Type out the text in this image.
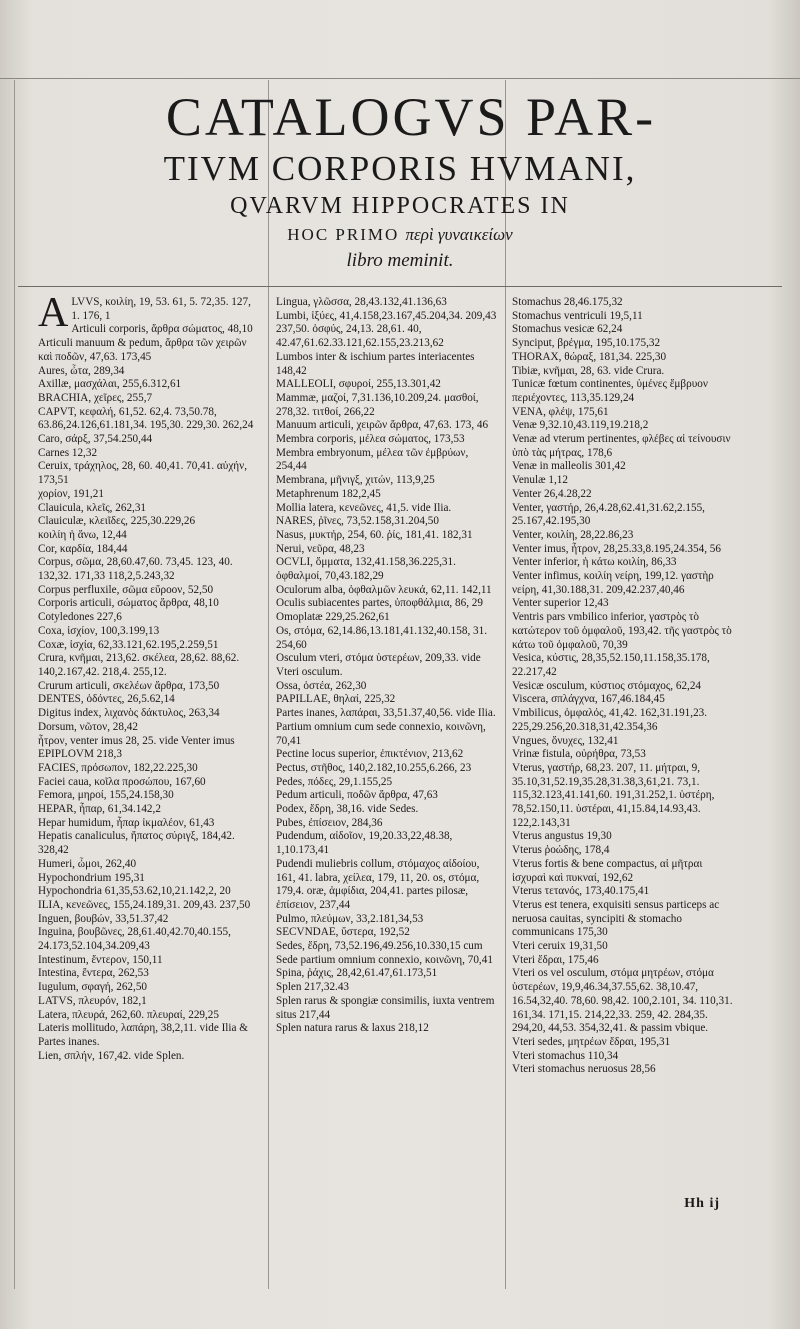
CATALOGVS PAR-
TIVM CORPORIS HVMANI,
QVARVM HIPPOCRATES IN
HOC PRIMO περὶ γυναικείων
libro meminit.
A LVVS, κοιλίη, 19, 53. 61, 5. 72,35. 127, 1. 176, 1
Articuli corporis, ἄρθρα σώματος, 48,10
Articuli manuum & pedum, ἄρθρα τῶν χειρῶν καὶ ποδῶν, 47,63. 173,45
Aures, ὦτα, 289,34
Axillæ, μασχάλαι, 255,6.312,61
BRACHIA, χεῖρες, 255,7
CAPVT, κεφαλή, 61,52. 62,4. 73,50.78, 63.86,24.126,61.181,34. 195,30. 229,30. 262,24
Caro, σάρξ, 37,54.250,44
Carnes 12,32
Ceruix, τράχηλος, 28, 60. 40,41. 70,41. αὐχήν, 173,51
χορίον, 191,21
Clauicula, κλεῖς, 262,31
Clauiculæ, κλειῖδες, 225,30.229,26
κοιλίη ἡ ἄνω, 12,44
Cor, καρδία, 184,44
Corpus, σῶμα, 28,60.47,60. 73,45. 123, 40. 132,32. 171,33 118,2,5.243,32
Corpus perfluxile, σῶμα εὔροον, 52,50
Corporis articuli, σώματος ἄρθρα, 48,10
Cotyledones 227,6
Coxa, ἰσχίον, 100,3.199,13
Coxæ, ἰσχία, 62,33.121,62.195,2.259,51
Crura, κνῆμαι, 213,62. σκέλεα, 28,62. 88,62. 140,2.167,42. 218,4. 255,12.
Crurum articuli, σκελέων ἄρθρα, 173,50
DENTES, ὀδόντες, 26,5.62,14
Digitus index, λιχανὸς δάκτυλος, 263,34
Dorsum, νῶτον, 28,42
ἦτρον, venter imus 28, 25. vide Venter imus
EPIPLOVM 218,3
FACIES, πρόσωπον, 182,22.225,30
Faciei caua, κοῖλα προσώπου, 167,60
Femora, μηροί, 155,24.158,30
HEPAR, ἧπαρ, 61,34.142,2
Hepar humidum, ἧπαρ ἰκμαλέον, 61,43
Hepatis canaliculus, ἥπατος σύριγξ, 184,42. 328,42
Humeri, ὦμοι, 262,40
Hypochondrium 195,31
Hypochondria 61,35,53.62,10,21.142,2, 20
ILIA, κενεῶνες, 155,24.189,31. 209,43. 237,50
Inguen, βουβών, 33,51.37,42
Inguina, βουβῶνες, 28,61.40,42.70,40.155, 24.173,52.104,34.209,43
Intestinum, ἔντερον, 150,11
Intestina, ἔντερα, 262,53
Iugulum, σφαγή, 262,50
LATVS, πλευρόν, 182,1
Latera, πλευρά, 262,60. πλευραί, 229,25
Lateris mollitudo, λαπάρη, 38,2,11. vide Ilia & Partes inanes.
Lien, σπλήν, 167,42. vide Splen.
Lingua, γλῶσσα, 28,43.132,41.136,63
Lumbi, ἰξύες, 41,4.158,23.167,45.204,34. 209,43 237,50. ὀσφύς, 24,13. 28,61. 40, 42.47,61.62.33.121,62.155,23.213,62
Lumbos inter & ischium partes interiacentes 148,42
MALLEOLI, σφυροί, 255,13.301,42
Mammæ, μαζοί, 7,31.136,10.209,24. μασθοί, 278,32. τιτθοί, 266,22
Manuum articuli, χειρῶν ἄρθρα, 47,63. 173, 46
Membra corporis, μέλεα σώματος, 173,53
Membra embryonum, μέλεα τῶν ἐμβρύων, 254,44
Membrana, μῆνιγξ, χιτών, 113,9,25
Metaphrenum 182,2,45
Mollia latera, κενεῶνες, 41,5. vide Ilia.
NARES, ῥῖνες, 73,52.158,31.204,50
Nasus, μυκτήρ, 254, 60. ῥίς, 181,41. 182,31
Nerui, νεῦρα, 48,23
OCVLI, ὄμματα, 132,41.158,36.225,31. ὀφθαλμοί, 70,43.182,29
Oculorum alba, ὀφθαλμῶν λευκά, 62,11. 142,11
Oculis subiacentes partes, ὑποφθάλμια, 86, 29
Omoplatæ 229,25.262,61
Os, στόμα, 62,14.86,13.181,41.132,40.158, 31. 254,60
Osculum vteri, στόμα ὑστερέων, 209,33. vide Vteri osculum.
Ossa, ὀστέα, 262,30
PAPILLAE, θηλαί, 225,32
Partes inanes, λαπάραι, 33,51.37,40,56. vide Ilia.
Partium omnium cum sede connexio, κοινῶνη, 70,41
Pectine locus superior, ἐπικτένιον, 213,62
Pectus, στῆθος, 140,2.182,10.255,6.266, 23
Pedes, πόδες, 29,1.155,25
Pedum articuli, ποδῶν ἄρθρα, 47,63
Podex, ἕδρη, 38,16. vide Sedes.
Pubes, ἐπίσειον, 284,36
Pudendum, αἰδοῖον, 19,20.33,22,48.38, 1,10.173,41
Pudendi muliebris collum, στόμαχος αἰδοίου, 161, 41. labra, χείλεα, 179, 11, 20. os, στόμα, 179,4. oræ, ἀμφίδια, 204,41. partes pilosæ, ἐπίσειον, 237,44
Pulmo, πλεύμων, 33,2.181,34,53
SECVNDAE, ὕστερα, 192,52
Sedes, ἕδρη, 73,52.196,49.256,10.330,15 cum Sede partium omnium connexio, κοινῶνη, 70,41
Spina, ῥάχις, 28,42,61.47,61.173,51
Splen 217,32.43
Splen rarus & spongiæ consimilis, iuxta ventrem situs 217,44
Splen natura rarus & laxus 218,12
Stomachus 28,46.175,32
Stomachus ventriculi 19,5,11
Stomachus vesicæ 62,24
Synciput, βρέγμα, 195,10.175,32
THORAX, θώραξ, 181,34. 225,30
Tibiæ, κνῆμαι, 28, 63. vide Crura.
Tunicæ fœtum continentes, ὑμένες ἔμβρυον περιέχοντες, 113,35.129,24
VENA, φλέψ, 175,61
Venæ 9,32.10,43.119,19.218,2
Venæ ad vterum pertinentes, φλέβες αἱ τείνουσιν ὑπὸ τὰς μήτρας, 178,6
Venæ in malleolis 301,42
Venulæ 1,12
Venter 26,4.28,22
Venter, γαστήρ, 26,4.28,62.41,31.62,2.155, 25.167,42.195,30
Venter, κοιλίη, 28,22.86,23
Venter imus, ἦτρον, 28,25.33,8.195,24.354, 56
Venter inferior, ἡ κάτω κοιλίη, 86,33
Venter infimus, κοιλίη νείρη, 199,12. γαστὴρ νείρη, 41,30.188,31. 209,42.237,40,46
Venter superior 12,43
Ventris pars vmbilico inferior, γαστρὸς τὸ κατώτερον τοῦ ὀμφαλοῦ, 193,42. τῆς γαστρὸς τὸ κάτω τοῦ ὀμφαλοῦ, 70,39
Vesica, κύστις, 28,35,52.150,11.158,35.178, 22.217,42
Vesicæ osculum, κύστιος στόμαχος, 62,24
Viscera, σπλάγχνα, 167,46.184,45
Vmbilicus, ὀμφαλός, 41,42. 162,31.191,23. 225,29.256,20.318,31,42.354,36
Vngues, ὄνυχες, 132,41
Vrinæ fistula, οὐρήθρα, 73,53
Vterus, γαστήρ, 68,23. 207, 11. μήτραι, 9, 35.10,31,52.19,35.28,31.38,3,61,21. 73,1. 115,32.123,41.141,60. 191,31.252,1. ὑστέρη, 78,52.150,11. ὑστέραι, 41,15.84,14.93,43. 122,2.143,31
Vterus angustus 19,30
Vterus ῥοώδης, 178,4
Vterus fortis & bene compactus, αἱ μῆτραι ἰσχυραὶ καὶ πυκναί, 192,62
Vterus τετανός, 173,40.175,41
Vterus est tenera, exquisiti sensus particeps ac neruosa cauitas, syncipiti & stomacho communicans 175,30
Vteri ceruix 19,31,50
Vteri ἕδραι, 175,46
Vteri os vel osculum, στόμα μητρέων, στόμα ὑστερέων, 19,9,46.34,37.55,62. 38,10.47, 16.54,32,40. 78,60. 98,42. 100,2.101, 34. 110,31. 161,34. 171,15. 214,22,33. 259, 42. 284,35. 294,20, 44,53. 354,32,41. & passim vbique.
Vteri sedes, μητρέων ἕδραι, 195,31
Vteri stomachus 110,34
Vteri stomachus neruosus 28,56
Hh ij
